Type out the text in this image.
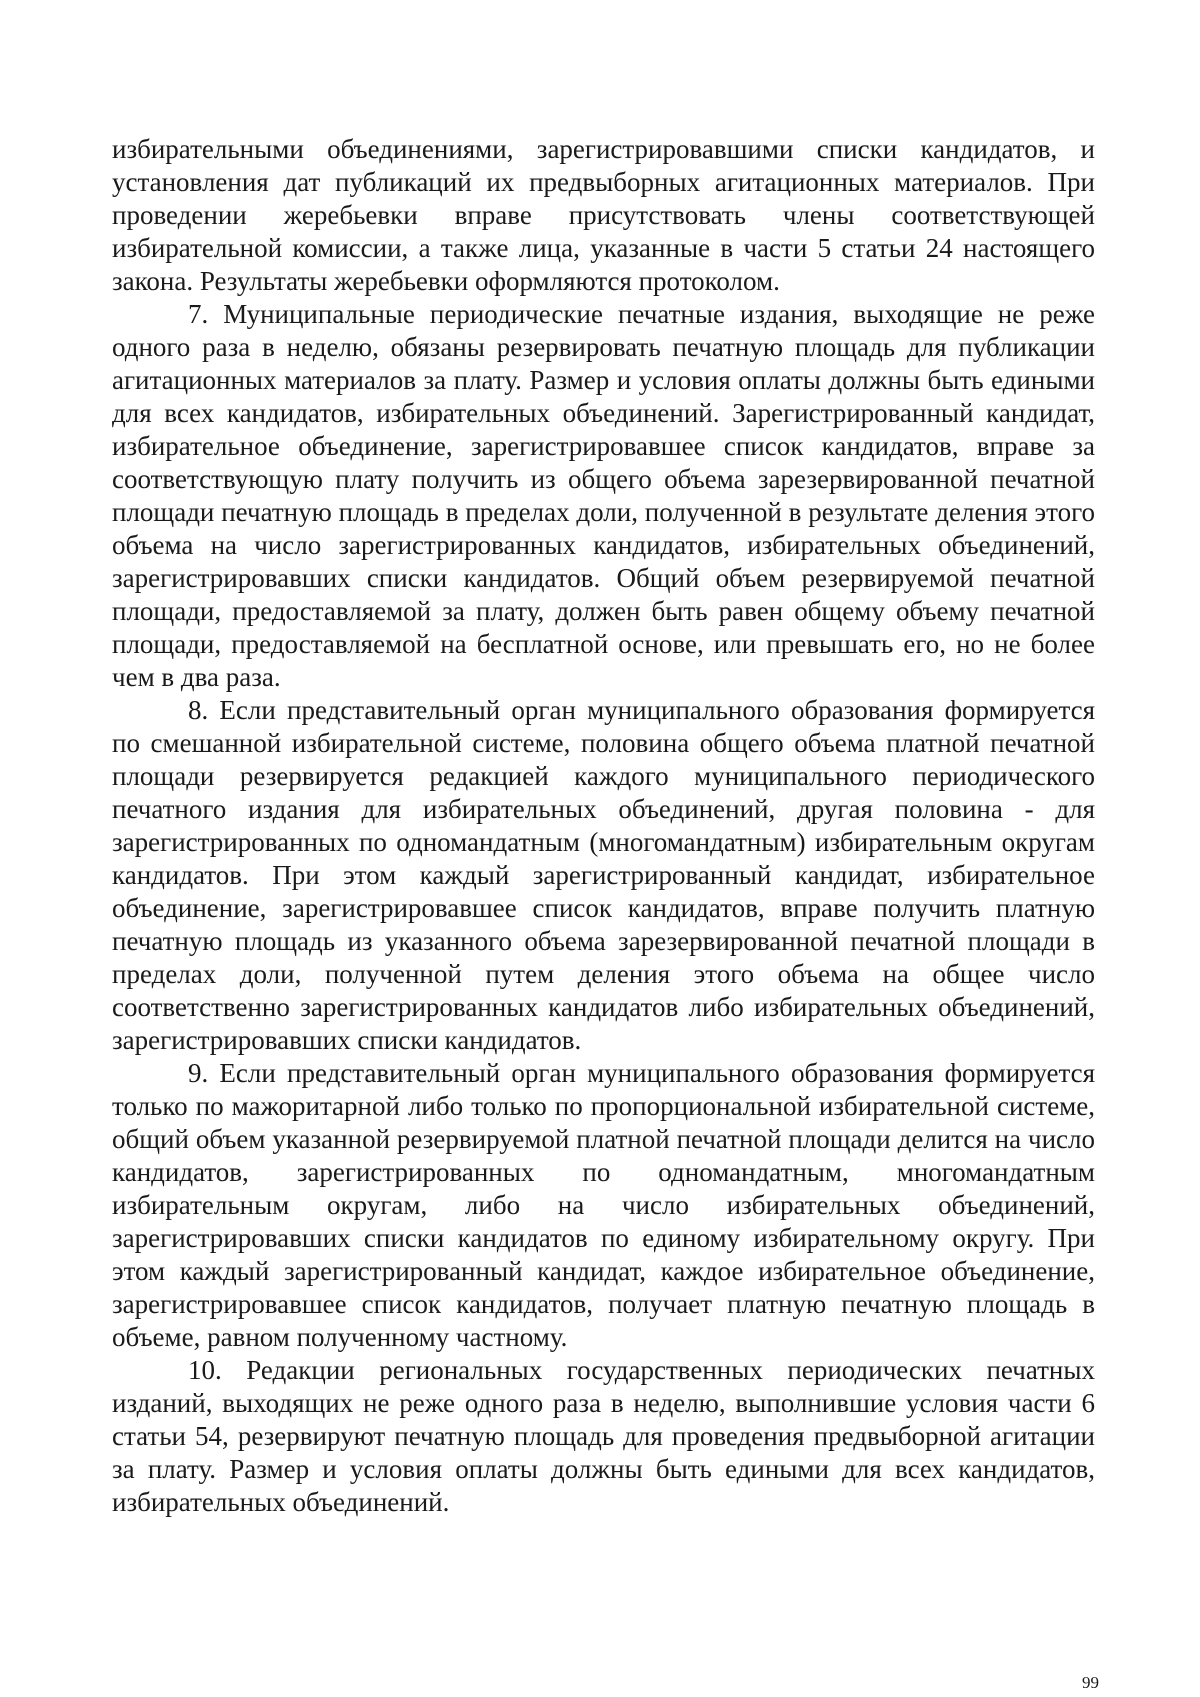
избирательными объединениями, зарегистрировавшими списки кандидатов, и установления дат публикаций их предвыборных агитационных материалов. При проведении жеребьевки вправе присутствовать члены соответствующей избирательной комиссии, а также лица, указанные в части 5 статьи 24 настоящего закона. Результаты жеребьевки оформляются протоколом.

7. Муниципальные периодические печатные издания, выходящие не реже одного раза в неделю, обязаны резервировать печатную площадь для публикации агитационных материалов за плату. Размер и условия оплаты должны быть едиными для всех кандидатов, избирательных объединений. Зарегистрированный кандидат, избирательное объединение, зарегистрировавшее список кандидатов, вправе за соответствующую плату получить из общего объема зарезервированной печатной площади печатную площадь в пределах доли, полученной в результате деления этого объема на число зарегистрированных кандидатов, избирательных объединений, зарегистрировавших списки кандидатов. Общий объем резервируемой печатной площади, предоставляемой за плату, должен быть равен общему объему печатной площади, предоставляемой на бесплатной основе, или превышать его, но не более чем в два раза.

8. Если представительный орган муниципального образования формируется по смешанной избирательной системе, половина общего объема платной печатной площади резервируется редакцией каждого муниципального периодического печатного издания для избирательных объединений, другая половина - для зарегистрированных по одномандатным (многомандатным) избирательным округам кандидатов. При этом каждый зарегистрированный кандидат, избирательное объединение, зарегистрировавшее список кандидатов, вправе получить платную печатную площадь из указанного объема зарезервированной печатной площади в пределах доли, полученной путем деления этого объема на общее число соответственно зарегистрированных кандидатов либо избирательных объединений, зарегистрировавших списки кандидатов.

9. Если представительный орган муниципального образования формируется только по мажоритарной либо только по пропорциональной избирательной системе, общий объем указанной резервируемой платной печатной площади делится на число кандидатов, зарегистрированных по одномандатным, многомандатным избирательным округам, либо на число избирательных объединений, зарегистрировавших списки кандидатов по единому избирательному округу. При этом каждый зарегистрированный кандидат, каждое избирательное объединение, зарегистрировавшее список кандидатов, получает платную печатную площадь в объеме, равном полученному частному.

10. Редакции региональных государственных периодических печатных изданий, выходящих не реже одного раза в неделю, выполнившие условия части 6 статьи 54, резервируют печатную площадь для проведения предвыборной агитации за плату. Размер и условия оплаты должны быть едиными для всех кандидатов, избирательных объединений.

99
